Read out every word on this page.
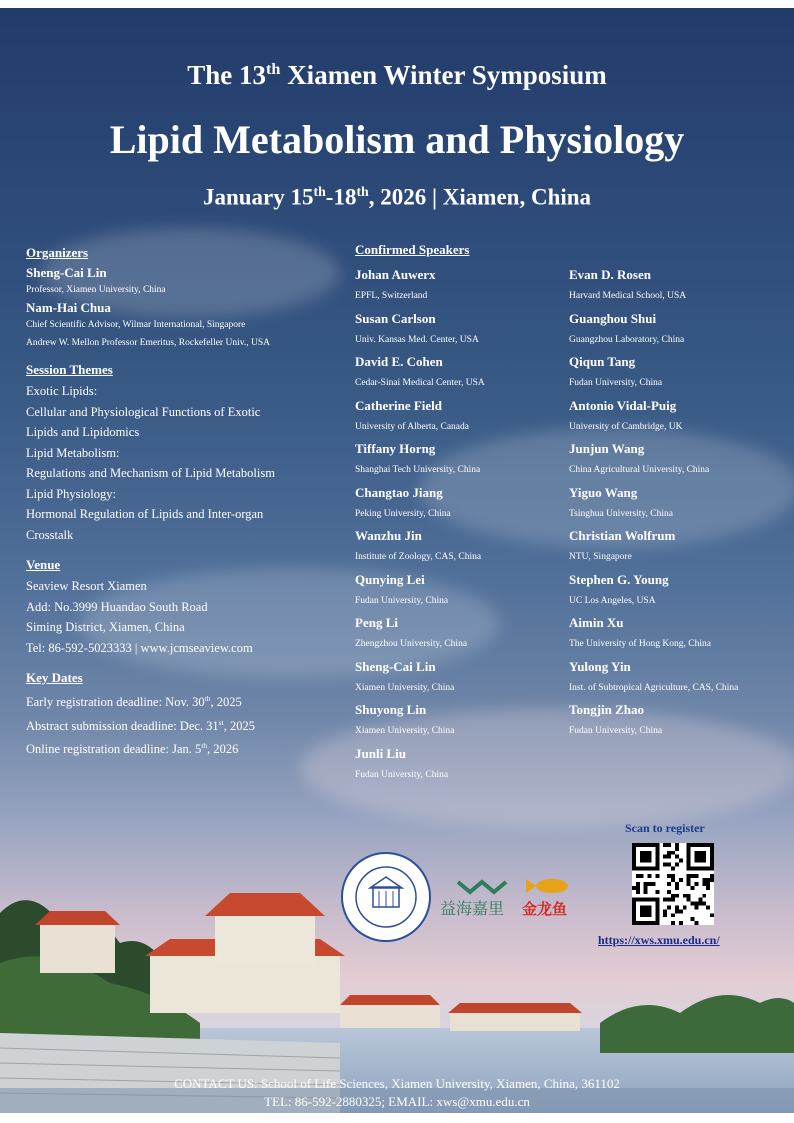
The 13th Xiamen Winter Symposium
Lipid Metabolism and Physiology
January 15th-18th, 2026 | Xiamen, China
Organizers
Sheng-Cai Lin
Professor, Xiamen University, China
Nam-Hai Chua
Chief Scientific Advisor, Wilmar International, Singapore
Andrew W. Mellon Professor Emeritus, Rockefeller Univ., USA
Session Themes
Exotic Lipids:
Cellular and Physiological Functions of Exotic
Lipids and Lipidomics
Lipid Metabolism:
Regulations and Mechanism of Lipid Metabolism
Lipid Physiology:
Hormonal Regulation of Lipids and Inter-organ
Crosstalk
Venue
Seaview Resort Xiamen
Add: No.3999 Huandao South Road
Siming District, Xiamen, China
Tel: 86-592-5023333 | www.jcmseaview.com
Key Dates
Early registration deadline: Nov. 30th, 2025
Abstract submission deadline: Dec. 31st, 2025
Online registration deadline: Jan. 5th, 2026
Confirmed Speakers
Johan Auwerx
EPFL, Switzerland
Susan Carlson
Univ. Kansas Med. Center, USA
David E. Cohen
Cedar-Sinai Medical Center, USA
Catherine Field
University of Alberta, Canada
Tiffany Horng
Shanghai Tech University, China
Changtao Jiang
Peking University, China
Wanzhu Jin
Institute of Zoology, CAS, China
Qunying Lei
Fudan University, China
Peng Li
Zhengzhou University, China
Sheng-Cai Lin
Xiamen University, China
Shuyong Lin
Xiamen University, China
Junli Liu
Fudan University, China
Evan D. Rosen
Harvard Medical School, USA
Guanghou Shui
Guangzhou Laboratory, China
Qiqun Tang
Fudan University, China
Antonio Vidal-Puig
University of Cambridge, UK
Junjun Wang
China Agricultural University, China
Yiguo Wang
Tsinghua University, China
Christian Wolfrum
NTU, Singapore
Stephen G. Young
UC Los Angeles, USA
Aimin Xu
The University of Hong Kong, China
Yulong Yin
Inst. of Subtropical Agriculture, CAS, China
Tongjin Zhao
Fudan University, China
益海嘉里 金龙鱼
Scan to register
https://xws.xmu.edu.cn/
CONTACT US: School of Life Sciences, Xiamen University, Xiamen, China, 361102
TEL: 86-592-2880325; EMAIL: xws@xmu.edu.cn
